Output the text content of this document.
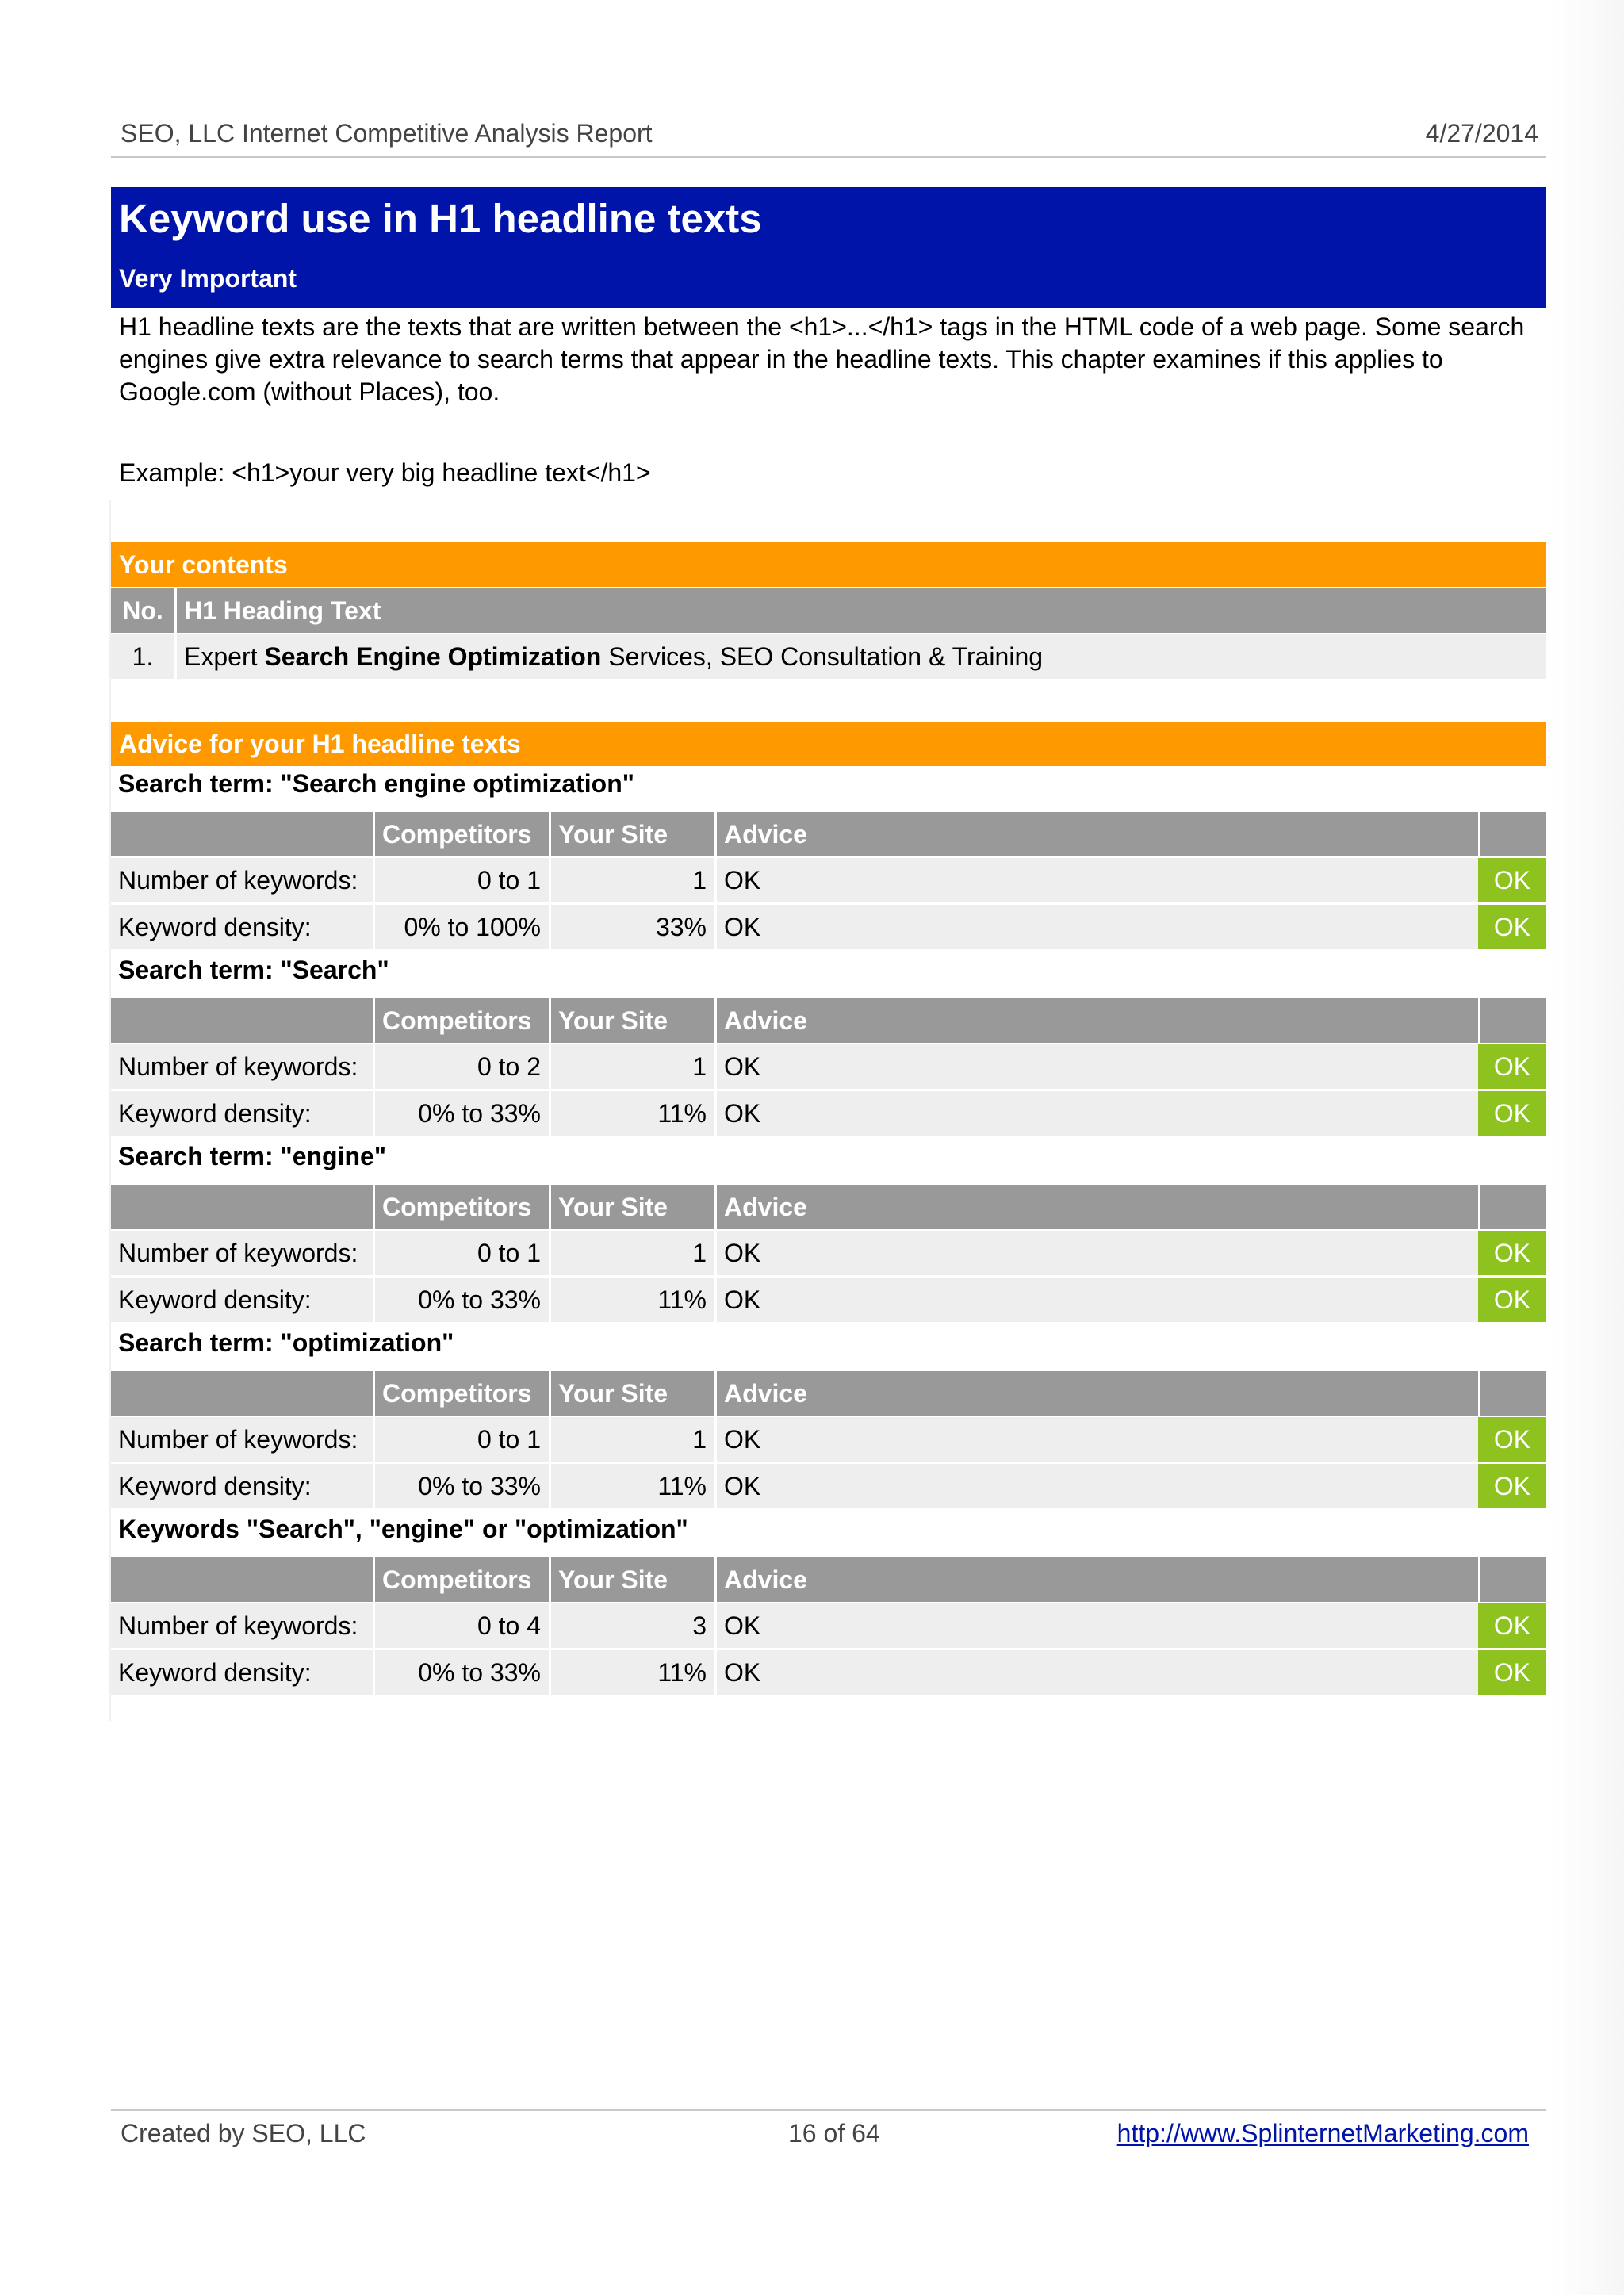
SEO, LLC Internet Competitive Analysis Report	4/27/2014
Keyword use in H1 headline texts
Very Important

H1 headline texts are the texts that are written between the <h1>...</h1> tags in the HTML code of a web page. Some search engines give extra relevance to search terms that appear in the headline texts. This chapter examines if this applies to Google.com (without Places), too.

Example: <h1>your very big headline text</h1>

Your contents
No. H1 Heading Text
1.	Expert Search Engine Optimization Services, SEO Consultation & Training
Advice for your H1 headline texts
Search term: "Search engine optimization"
Competitors	Your Site	Advice
Number of keywords:	0 to 1	1 OK	OK
Keyword density:	0% to 100%	33% OK	OK
Search term: "Search"
Competitors	Your Site	Advice
Number of keywords:	0 to 2	1 OK	OK
Keyword density:	0% to 33%	11% OK	OK
Search term: "engine"
Competitors	Your Site	Advice
Number of keywords:	0 to 1	1 OK	OK
Keyword density:	0% to 33%	11% OK	OK
Search term: "optimization"
Competitors	Your Site	Advice
Number of keywords:	0 to 1	1 OK	OK
Keyword density:	0% to 33%	11% OK	OK
Keywords "Search", "engine" or "optimization"
Competitors	Your Site	Advice
Number of keywords:	0 to 4	3 OK	OK
Keyword density:	0% to 33%	11% OK	OK
Created by SEO, LLC	16 of 64	http://www.SplinternetMarketing.com
